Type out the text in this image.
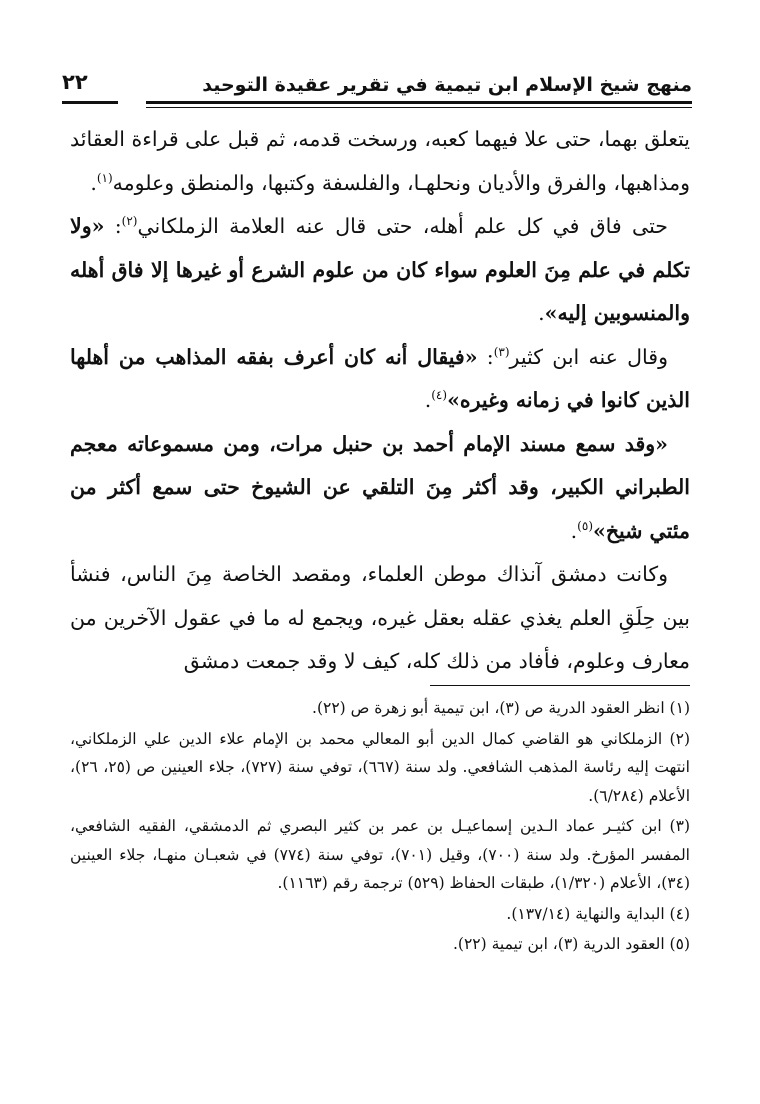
منهج شيخ الإسلام ابن تيمية في تقرير عقيدة التوحيد
٢٢

يتعلق بهما، حتى علا فيهما كعبه، ورسخت قدمه، ثم قبل على قراءة العقائد ومذاهبها، والفرق والأديان ونحلهـا، والفلسفة وكتبها، والمنطق وعلومه$^{(١)}$.

حتى فاق في كل علم أهله، حتى قال عنه العلامة الزملكاني$^{(٢)}$: «ولا تكلم في علم مِنَ العلوم سواء كان من علوم الشرع أو غيرها إلا فاق أهله والمنسوبين إليه».

وقال عنه ابن كثير$^{(٣)}$: «فيقال أنه كان أعرف بفقه المذاهب من أهلها الذين كانوا في زمانه وغيره»$^{(٤)}$.

«وقد سمع مسند الإمام أحمد بن حنبل مرات، ومن مسموعاته معجم الطبراني الكبير، وقد أكثر مِنَ التلقي عن الشيوخ حتى سمع أكثر من مئتي شيخ»$^{(٥)}$.

وكانت دمشق آنذاك موطن العلماء، ومقصد الخاصة مِنَ الناس، فنشأ بين حِلَقِ العلم يغذي عقله بعقل غيره، ويجمع له ما في عقول الآخرين من معارف وعلوم، فأفاد من ذلك كله، كيف لا وقد جمعت دمشق

(١) انظر العقود الدرية ص (٣)، ابن تيمية أبو زهرة ص (٢٢).

(٢) الزملكاني هو القاضي كمال الدين أبو المعالي محمد بن الإمام علاء الدين علي الزملكاني، انتهت إليه رئاسة المذهب الشافعي. ولد سنة (٦٦٧)، توفي سنة (٧٢٧)، جلاء العينين ص (٢٥، ٢٦)، الأعلام (٦/٢٨٤).

(٣) ابن كثيـر عماد الـدين إسماعيـل بن عمر بن كثير البصري ثم الدمشقي، الفقيه الشافعي، المفسر المؤرخ. ولد سنة (٧٠٠)، وقيل (٧٠١)، توفي سنة (٧٧٤) في شعبـان منهـا، جلاء العينين (٣٤)، الأعلام (١/٣٢٠)، طبقات الحفاظ (٥٢٩) ترجمة رقم (١١٦٣).

(٤) البداية والنهاية (١٣٧/١٤).

(٥) العقود الدرية (٣)، ابن تيمية (٢٢).
